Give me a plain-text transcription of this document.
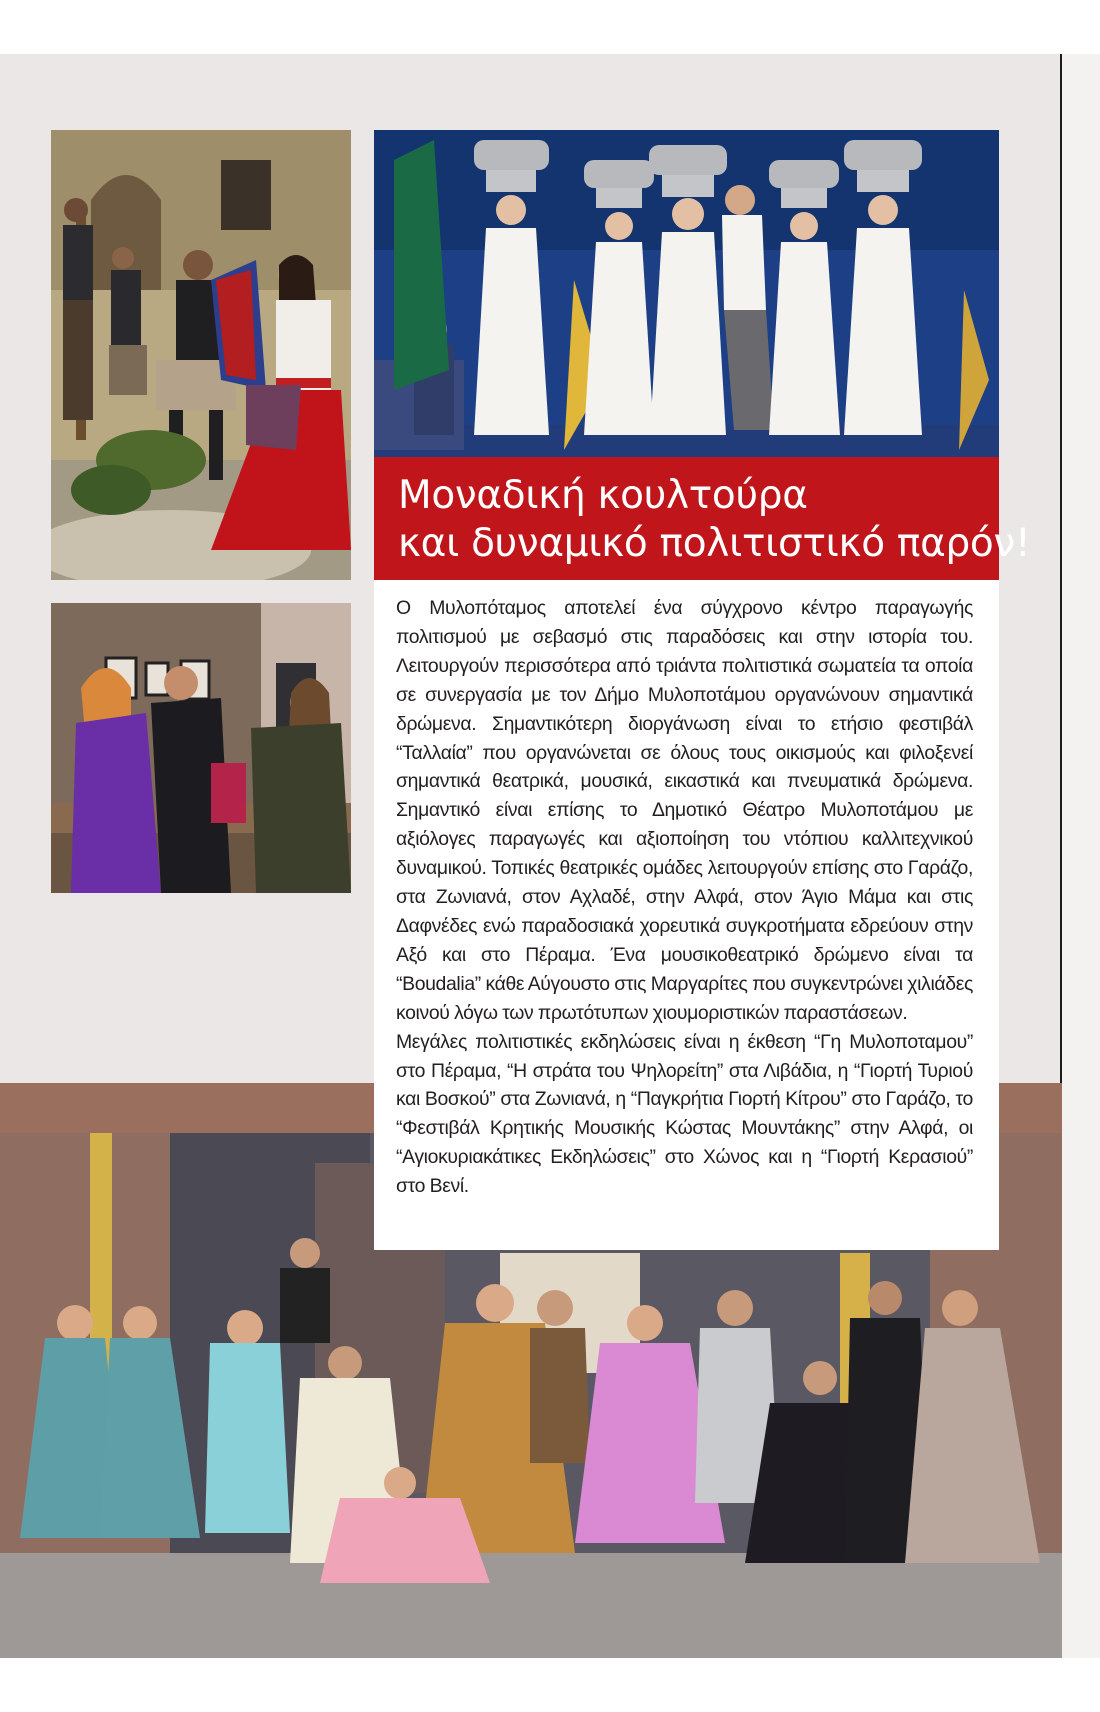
Μοναδική κουλτούρα
και δυναμικό πολιτιστικό παρόν!

Ο Μυλοπόταμος αποτελεί ένα σύγχρονο κέντρο παραγωγής πολιτισμού με σεβασμό στις παραδόσεις και στην ιστορία του. Λειτουργούν περισσότερα από τριάντα πολιτιστικά σωματεία τα οποία σε συνεργασία με τον Δήμο Μυλοποτάμου οργανώνουν σημαντικά δρώμενα. Σημαντικότερη διοργάνωση είναι το ετήσιο φεστιβάλ “Ταλλαία” που οργανώνεται σε όλους τους οικισμούς και φιλοξενεί σημαντικά θεατρικά, μουσικά, εικαστικά και πνευματικά δρώμενα. Σημαντικό είναι επίσης το Δημοτικό Θέατρο Μυλοποτάμου με αξιόλογες παραγωγές και αξιοποίηση του ντόπιου καλλιτεχνικού δυναμικού. Τοπικές θεατρικές ομάδες λειτουργούν επίσης στο Γαράζο, στα Ζωνιανά, στον Αχλαδέ, στην Αλφά, στον Άγιο Μάμα και στις Δαφνέδες ενώ παραδοσιακά χορευτικά συγκροτήματα εδρεύουν στην Αξό και στο Πέραμα. Ένα μουσικοθεατρικό δρώμενο είναι τα “Boudalia” κάθε Αύγουστο στις Μαργαρίτες που συγκεντρώνει χιλιάδες κοινού λόγω των πρωτότυπων χιουμοριστικών παραστάσεων.

Μεγάλες πολιτιστικές εκδηλώσεις είναι η έκθεση “Γη Μυλοποταμου” στο Πέραμα, “Η στράτα του Ψηλορείτη” στα Λιβάδια, η “Γιορτή Τυριού και Βοσκού” στα Ζωνιανά, η “Παγκρήτια Γιορτή Κίτρου” στο Γαράζο, το “Φεστιβάλ Κρητικής Μουσικής Κώστας Μουντάκης” στην Αλφά, οι “Αγιοκυριακάτικες Εκδηλώσεις” στο Χώνος και η “Γιορτή Κερασιού” στο Βενί.
